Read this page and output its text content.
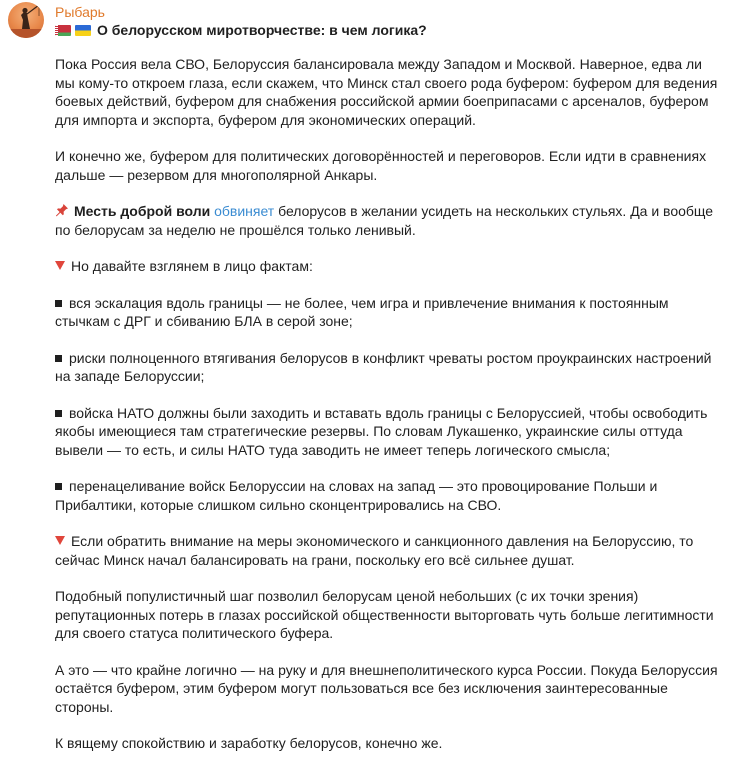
Рыбарь
О белорусском миротворчестве: в чем логика?

Пока Россия вела СВО, Белоруссия балансировала между Западом и Москвой. Наверное, едва ли мы кому-то откроем глаза, если скажем, что Минск стал своего рода буфером: буфером для ведения боевых действий, буфером для снабжения российской армии боеприпасами с арсеналов, буфером для импорта и экспорта, буфером для экономических операций.

И конечно же, буфером для политических договорённостей и переговоров. Если идти в сравнениях дальше — резервом для многополярной Анкары.

Месть доброй воли обвиняет белорусов в желании усидеть на нескольких стульях. Да и вообще по белорусам за неделю не прошёлся только ленивый.

Но давайте взглянем в лицо фактам:

вся эскалация вдоль границы — не более, чем игра и привлечение внимания к постоянным стычкам с ДРГ и сбиванию БЛА в серой зоне;

риски полноценного втягивания белорусов в конфликт чреваты ростом проукраинских настроений на западе Белоруссии;

войска НАТО должны были заходить и вставать вдоль границы с Белоруссией, чтобы освободить якобы имеющиеся там стратегические резервы. По словам Лукашенко, украинские силы оттуда вывели — то есть, и силы НАТО туда заводить не имеет теперь логического смысла;

перенацеливание войск Белоруссии на словах на запад — это провоцирование Польши и Прибалтики, которые слишком сильно сконцентрировались на СВО.

Если обратить внимание на меры экономического и санкционного давления на Белоруссию, то сейчас Минск начал балансировать на грани, поскольку его всё сильнее душат.

Подобный популистичный шаг позволил белорусам ценой небольших (с их точки зрения) репутационных потерь в глазах российской общественности выторговать чуть больше легитимности для своего статуса политического буфера.

А это — что крайне логично — на руку и для внешнеполитического курса России. Покуда Белоруссия остаётся буфером, этим буфером могут пользоваться все без исключения заинтересованные стороны.

К вящему спокойствию и заработку белорусов, конечно же.
